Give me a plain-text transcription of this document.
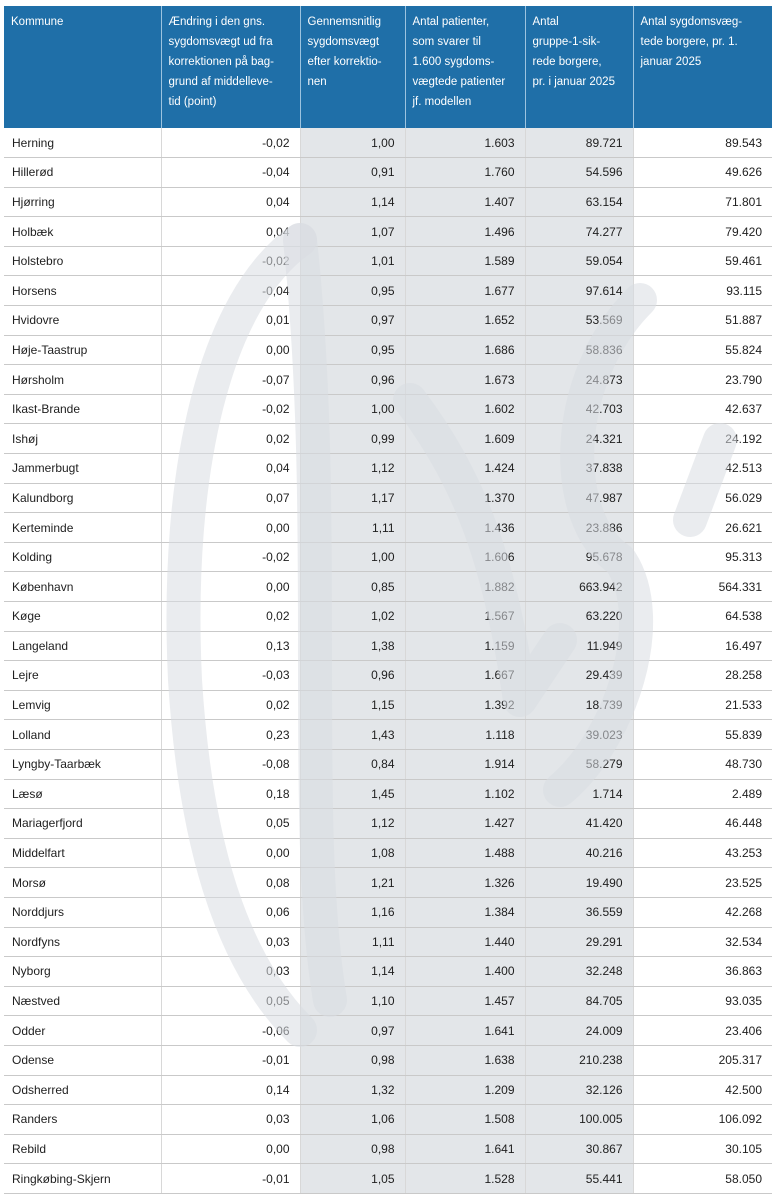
Kommune	Ændring i den gns.
sygdomsvægt ud fra
korrektionen på bag-
grund af middelleve-
tid (point)	Gennemsnitlig
sygdomsvægt
efter korrektio-
nen	Antal patienter,
som svarer til
1.600 sygdoms-
vægtede patienter
jf. modellen	Antal
gruppe-1-sik-
rede borgere,
pr. i januar 2025	Antal sygdomsvæg-
tede borgere, pr. 1.
januar 2025

Herning	-0,02	1,00	1.603	89.721	89.543
Hillerød	-0,04	0,91	1.760	54.596	49.626
Hjørring	0,04	1,14	1.407	63.154	71.801
Holbæk	0,04	1,07	1.496	74.277	79.420
Holstebro	-0,02	1,01	1.589	59.054	59.461
Horsens	-0,04	0,95	1.677	97.614	93.115
Hvidovre	0,01	0,97	1.652	53.569	51.887
Høje-Taastrup	0,00	0,95	1.686	58.836	55.824
Hørsholm	-0,07	0,96	1.673	24.873	23.790
Ikast-Brande	-0,02	1,00	1.602	42.703	42.637
Ishøj	0,02	0,99	1.609	24.321	24.192
Jammerbugt	0,04	1,12	1.424	37.838	42.513
Kalundborg	0,07	1,17	1.370	47.987	56.029
Kerteminde	0,00	1,11	1.436	23.886	26.621
Kolding	-0,02	1,00	1.606	95.678	95.313
København	0,00	0,85	1.882	663.942	564.331
Køge	0,02	1,02	1.567	63.220	64.538
Langeland	0,13	1,38	1.159	11.949	16.497
Lejre	-0,03	0,96	1.667	29.439	28.258
Lemvig	0,02	1,15	1.392	18.739	21.533
Lolland	0,23	1,43	1.118	39.023	55.839
Lyngby-Taarbæk	-0,08	0,84	1.914	58.279	48.730
Læsø	0,18	1,45	1.102	1.714	2.489
Mariagerfjord	0,05	1,12	1.427	41.420	46.448
Middelfart	0,00	1,08	1.488	40.216	43.253
Morsø	0,08	1,21	1.326	19.490	23.525
Norddjurs	0,06	1,16	1.384	36.559	42.268
Nordfyns	0,03	1,11	1.440	29.291	32.534
Nyborg	0,03	1,14	1.400	32.248	36.863
Næstved	0,05	1,10	1.457	84.705	93.035
Odder	-0,06	0,97	1.641	24.009	23.406
Odense	-0,01	0,98	1.638	210.238	205.317
Odsherred	0,14	1,32	1.209	32.126	42.500
Randers	0,03	1,06	1.508	100.005	106.092
Rebild	0,00	0,98	1.641	30.867	30.105
Ringkøbing-Skjern	-0,01	1,05	1.528	55.441	58.050
